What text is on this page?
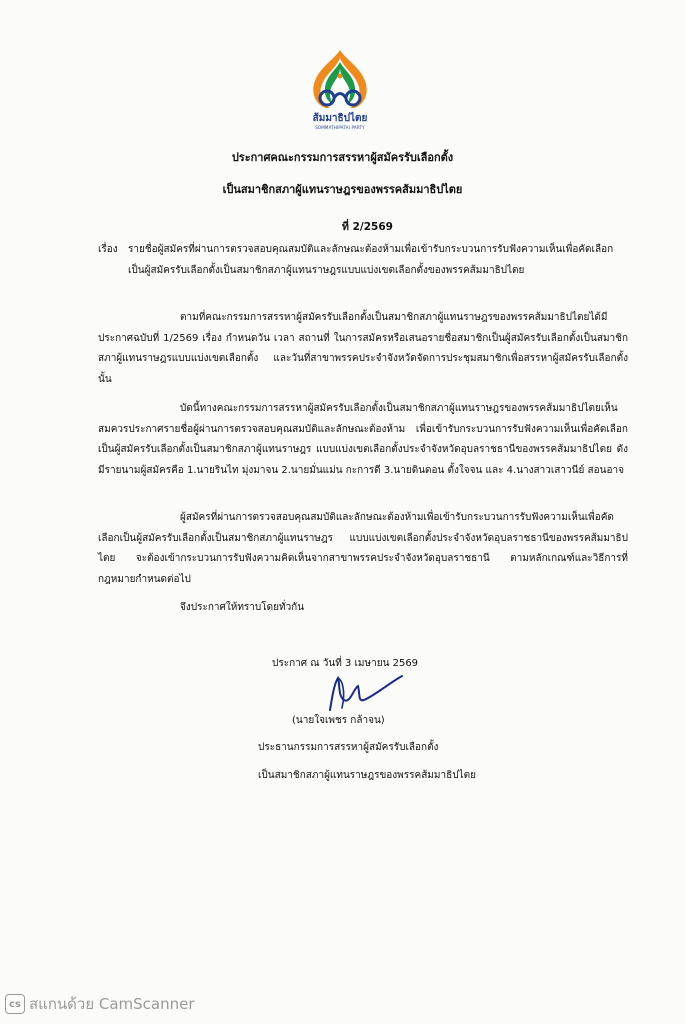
ส้มมาธิปไตย
SOMMATHIPATAI PARTY
ประกาศคณะกรรมการสรรหาผู้สมัครรับเลือกตั้ง
เป็นสมาชิกสภาผู้แทนราษฎรของพรรคส้มมาธิปไตย
ที่ 2/2569
เรื่อง	รายชื่อผู้สมัครที่ผ่านการตรวจสอบคุณสมบัติและลักษณะต้องห้ามเพื่อเข้ารับกระบวนการรับฟังความเห็นเพื่อคัดเลือกเป็นผู้สมัครรับเลือกตั้งเป็นสมาชิกสภาผู้แทนราษฎรแบบแบ่งเขตเลือกตั้งของพรรคส้มมาธิปไตย
ตามที่คณะกรรมการสรรหาผู้สมัครรับเลือกตั้งเป็นสมาชิกสภาผู้แทนราษฎรของพรรคส้มมาธิปไตยได้มีประกาศฉบับที่ 1/2569 เรื่อง กำหนดวัน เวลา สถานที่ ในการสมัครหรือเสนอรายชื่อสมาชิกเป็นผู้สมัครรับเลือกตั้งเป็นสมาชิกสภาผู้แทนราษฎรแบบแบ่งเขตเลือกตั้ง และวันที่สาขาพรรคประจำจังหวัดจัดการประชุมสมาชิกเพื่อสรรหาผู้สมัครรับเลือกตั้งนั้น
บัดนี้ทางคณะกรรมการสรรหาผู้สมัครรับเลือกตั้งเป็นสมาชิกสภาผู้แทนราษฎรของพรรคส้มมาธิปไตยเห็นสมควรประกาศรายชื่อผู้ผ่านการตรวจสอบคุณสมบัติและลักษณะต้องห้าม เพื่อเข้ารับกระบวนการรับฟังความเห็นเพื่อคัดเลือกเป็นผู้สมัครรับเลือกตั้งเป็นสมาชิกสภาผู้แทนราษฎร แบบแบ่งเขตเลือกตั้งประจำจังหวัดอุบลราชธานีของพรรคส้มมาธิปไตย ดังมีรายนามผู้สมัครคือ 1.นายรินไท มุ่งมาจน 2.นายมั่นแม่น กะการดี 3.นายดินดอน ตั้งใจจน และ 4.นางสาวเสาวนีย์ สอนอาจ
ผู้สมัครที่ผ่านการตรวจสอบคุณสมบัติและลักษณะต้องห้ามเพื่อเข้ารับกระบวนการรับฟังความเห็นเพื่อคัดเลือกเป็นผู้สมัครรับเลือกตั้งเป็นสมาชิกสภาผู้แทนราษฎร แบบแบ่งเขตเลือกตั้งประจำจังหวัดอุบลราชธานีของพรรคส้มมาธิปไตย จะต้องเข้ากระบวนการรับฟังความคิดเห็นจากสาขาพรรคประจำจังหวัดอุบลราชธานี ตามหลักเกณฑ์และวิธีการที่กฎหมายกำหนดต่อไป
จึงประกาศให้ทราบโดยทั่วกัน
ประกาศ ณ วันที่ 3 เมษายน 2569
(นายใจเพชร กล้าจน)
ประธานกรรมการสรรหาผู้สมัครรับเลือกตั้ง
เป็นสมาชิกสภาผู้แทนราษฎรของพรรคส้มมาธิปไตย
cs สแกนด้วย CamScanner
